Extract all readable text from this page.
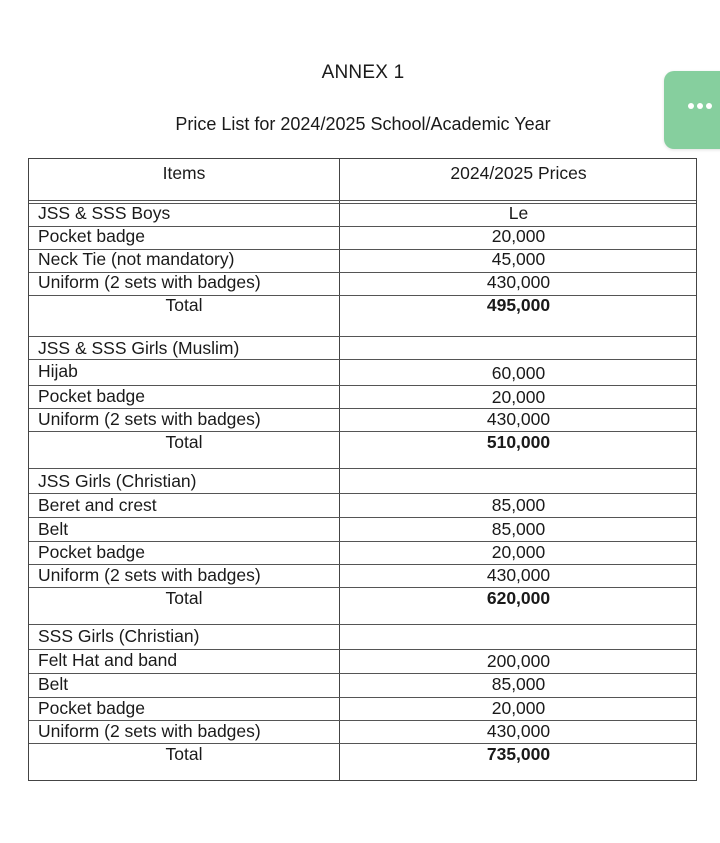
ANNEX 1
Price List for 2024/2025 School/Academic Year
Items	2024/2025 Prices
JSS & SSS Boys	Le
Pocket badge	20,000
Neck Tie (not mandatory)	45,000
Uniform (2 sets with badges)	430,000
Total	495,000
JSS & SSS Girls (Muslim)
Hijab	60,000
Pocket badge	20,000
Uniform (2 sets with badges)	430,000
Total	510,000
JSS Girls (Christian)
Beret and crest	85,000
Belt	85,000
Pocket badge	20,000
Uniform (2 sets with badges)	430,000
Total	620,000
SSS Girls (Christian)
Felt Hat and band	200,000
Belt	85,000
Pocket badge	20,000
Uniform (2 sets with badges)	430,000
Total	735,000
